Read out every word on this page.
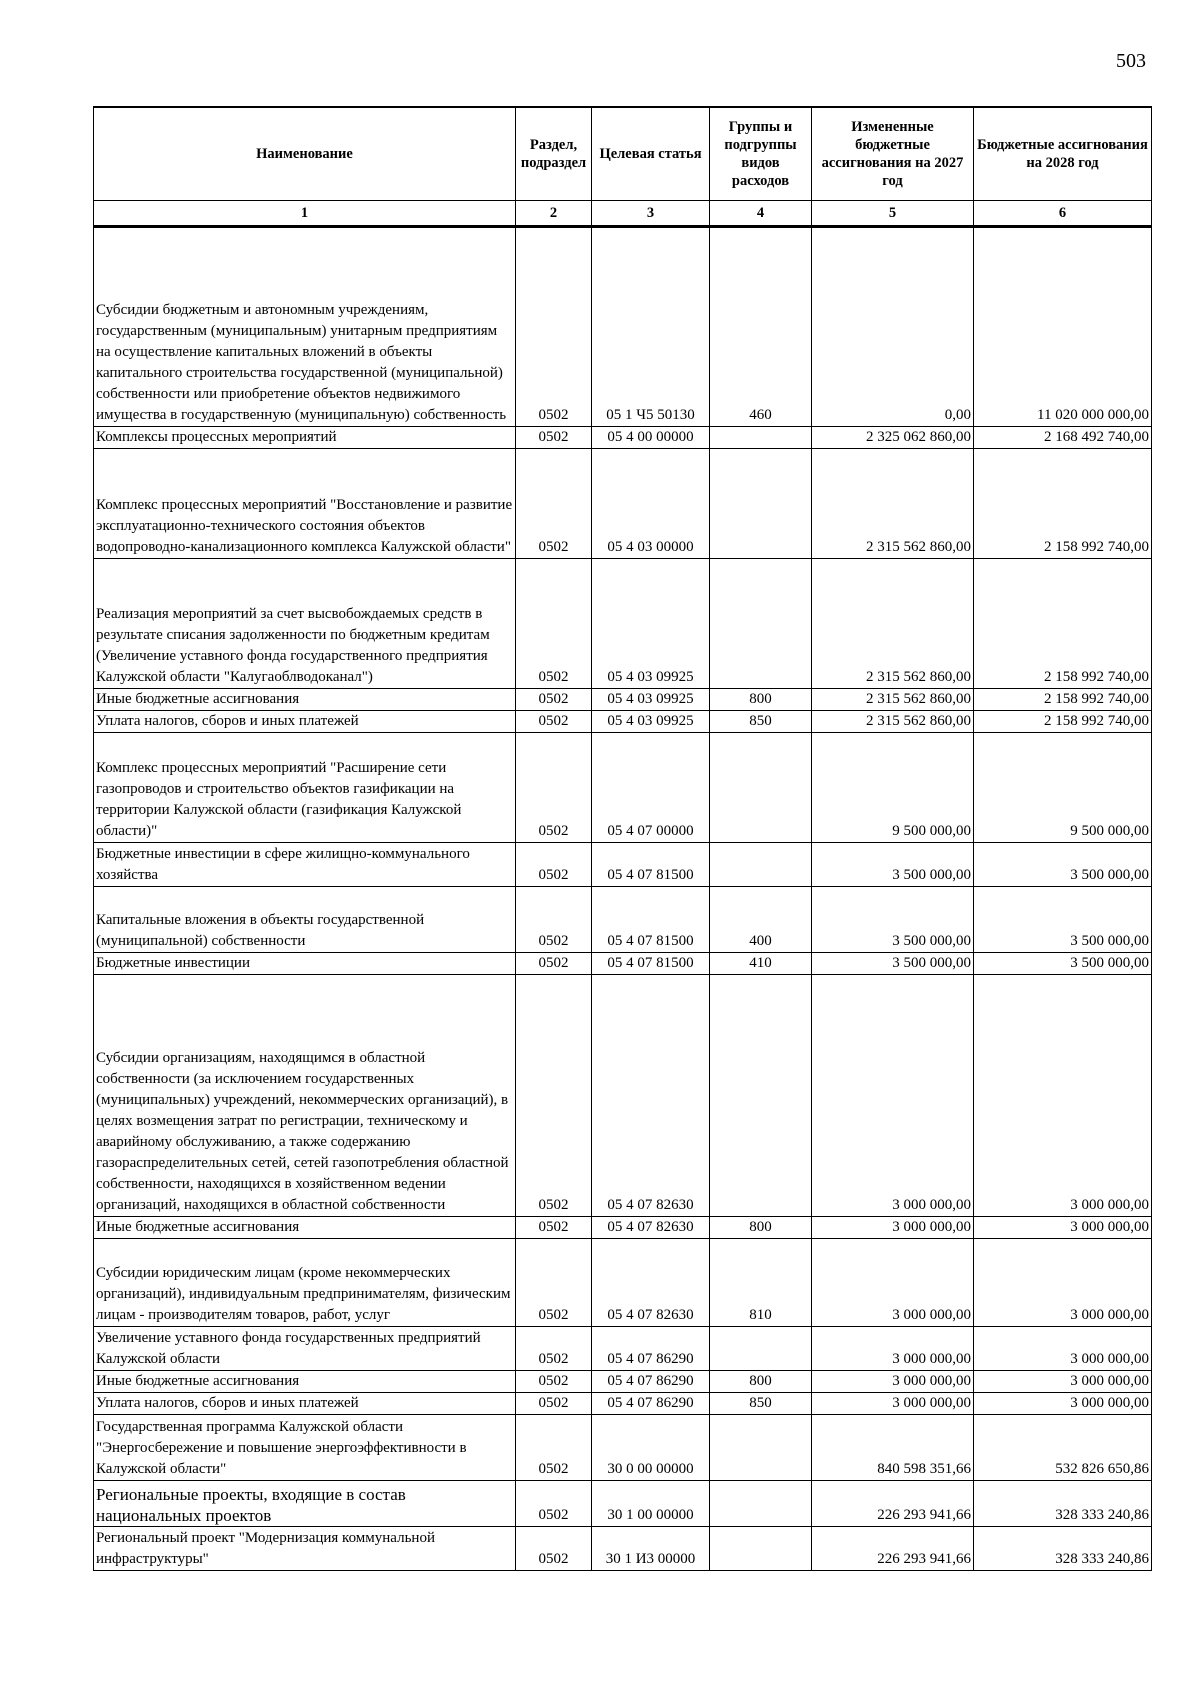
503
Наименование	Раздел, подраздел	Целевая статья	Группы и подгруппы видов расходов	Измененные бюджетные ассигнования на 2027 год	Бюджетные ассигнования на 2028 год
1	2	3	4	5	6
Субсидии бюджетным и автономным учреждениям, государственным (муниципальным) унитарным предприятиям на осуществление капитальных вложений в объекты капитального строительства государственной (муниципальной) собственности или приобретение объектов недвижимого имущества в государственную (муниципальную) собственность	0502	05 1 Ч5 50130	460	0,00	11 020 000 000,00
Комплексы процессных мероприятий	0502	05 4 00 00000		2 325 062 860,00	2 168 492 740,00
Комплекс процессных мероприятий "Восстановление и развитие эксплуатационно-технического состояния объектов водопроводно-канализационного комплекса Калужской области"	0502	05 4 03 00000		2 315 562 860,00	2 158 992 740,00
Реализация мероприятий за счет высвобождаемых средств в результате списания задолженности по бюджетным кредитам (Увеличение уставного фонда государственного предприятия Калужской области "Калугаоблводоканал")	0502	05 4 03 09925		2 315 562 860,00	2 158 992 740,00
Иные бюджетные ассигнования	0502	05 4 03 09925	800	2 315 562 860,00	2 158 992 740,00
Уплата налогов, сборов и иных платежей	0502	05 4 03 09925	850	2 315 562 860,00	2 158 992 740,00
Комплекс процессных мероприятий "Расширение сети газопроводов и строительство объектов газификации на территории Калужской области (газификация Калужской области)"	0502	05 4 07 00000		9 500 000,00	9 500 000,00
Бюджетные инвестиции в сфере жилищно-коммунального хозяйства	0502	05 4 07 81500		3 500 000,00	3 500 000,00
Капитальные вложения в объекты государственной (муниципальной) собственности	0502	05 4 07 81500	400	3 500 000,00	3 500 000,00
Бюджетные инвестиции	0502	05 4 07 81500	410	3 500 000,00	3 500 000,00
Субсидии организациям, находящимся в областной собственности (за исключением государственных (муниципальных) учреждений, некоммерческих организаций), в целях возмещения затрат по регистрации, техническому и аварийному обслуживанию, а также содержанию газораспределительных сетей, сетей газопотребления областной собственности, находящихся в хозяйственном ведении организаций, находящихся в областной собственности	0502	05 4 07 82630		3 000 000,00	3 000 000,00
Иные бюджетные ассигнования	0502	05 4 07 82630	800	3 000 000,00	3 000 000,00
Субсидии юридическим лицам (кроме некоммерческих организаций), индивидуальным предпринимателям, физическим лицам - производителям товаров, работ, услуг	0502	05 4 07 82630	810	3 000 000,00	3 000 000,00
Увеличение уставного фонда государственных предприятий Калужской области	0502	05 4 07 86290		3 000 000,00	3 000 000,00
Иные бюджетные ассигнования	0502	05 4 07 86290	800	3 000 000,00	3 000 000,00
Уплата налогов, сборов и иных платежей	0502	05 4 07 86290	850	3 000 000,00	3 000 000,00
Государственная программа Калужской области "Энергосбережение и повышение энергоэффективности в Калужской области"	0502	30 0 00 00000		840 598 351,66	532 826 650,86
Региональные проекты, входящие в состав национальных проектов	0502	30 1 00 00000		226 293 941,66	328 333 240,86
Региональный проект "Модернизация коммунальной инфраструктуры"	0502	30 1 И3 00000		226 293 941,66	328 333 240,86
